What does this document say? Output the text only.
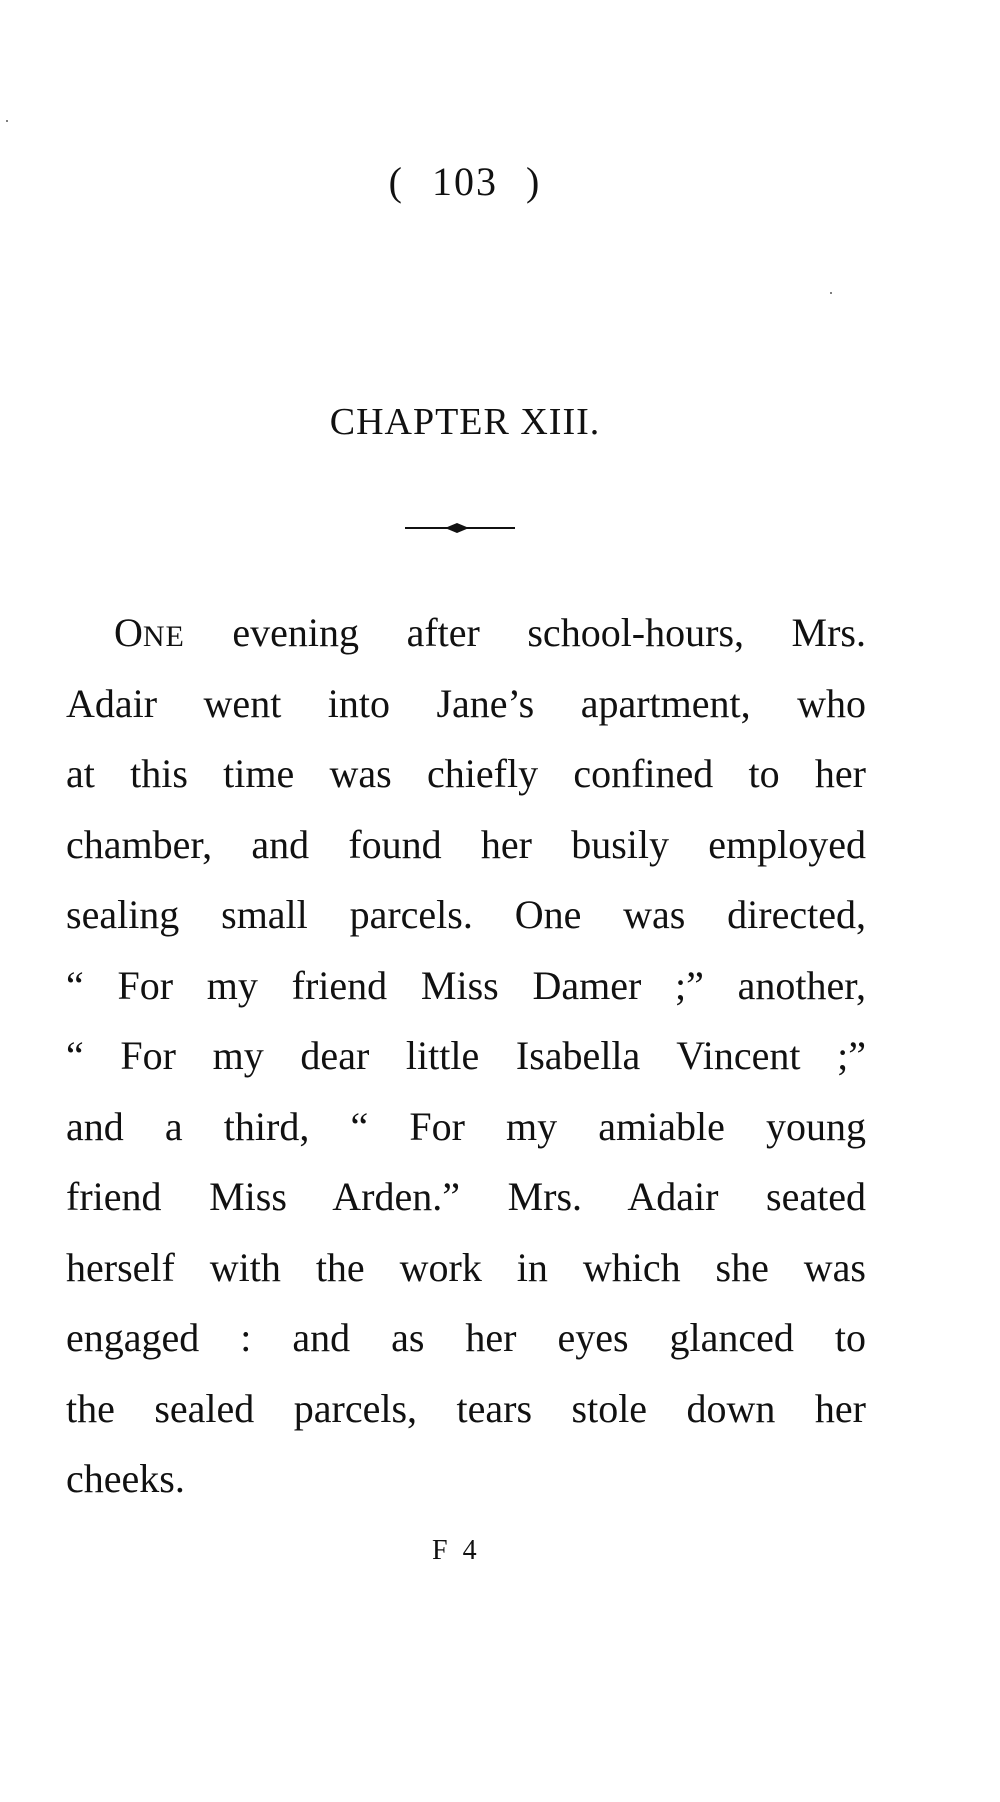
( 103 )
CHAPTER XIII.
ONE evening after school-hours, Mrs.
Adair went into Jane’s apartment, who
at this time was chiefly confined to her
chamber, and found her busily employed
sealing small parcels. One was directed,
“ For my friend Miss Damer ;” another,
“ For my dear little Isabella Vincent ;”
and a third, “ For my amiable young
friend Miss Arden.” Mrs. Adair seated
herself with the work in which she was
engaged : and as her eyes glanced to
the sealed parcels, tears stole down her
cheeks.
F 4
